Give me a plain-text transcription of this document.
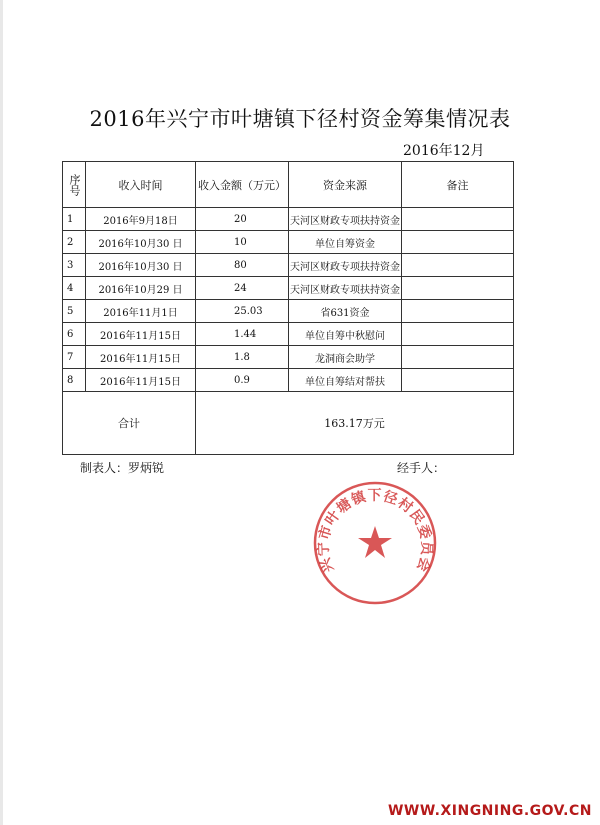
2016年兴宁市叶塘镇下径村资金筹集情况表
2016年12月
序号	收入时间	收入金额（万元）	资金来源	备注
1	2016年9月18日	20	天河区财政专项扶持资金	
2	2016年10月30 日	10	单位自筹资金	
3	2016年10月30 日	80	天河区财政专项扶持资金	
4	2016年10月29 日	24	天河区财政专项扶持资金	
5	2016年11月1日	25.03	省631资金	
6	2016年11月15日	1.44	单位自筹中秋慰问	
7	2016年11月15日	1.8	龙洞商会助学	
8	2016年11月15日	0.9	单位自筹结对帮扶	
合计		163.17万元		
制表人：罗炳锐	经手人：
兴宁市叶塘镇下径村民委员会
WWW.XINGNING.GOV.CN
